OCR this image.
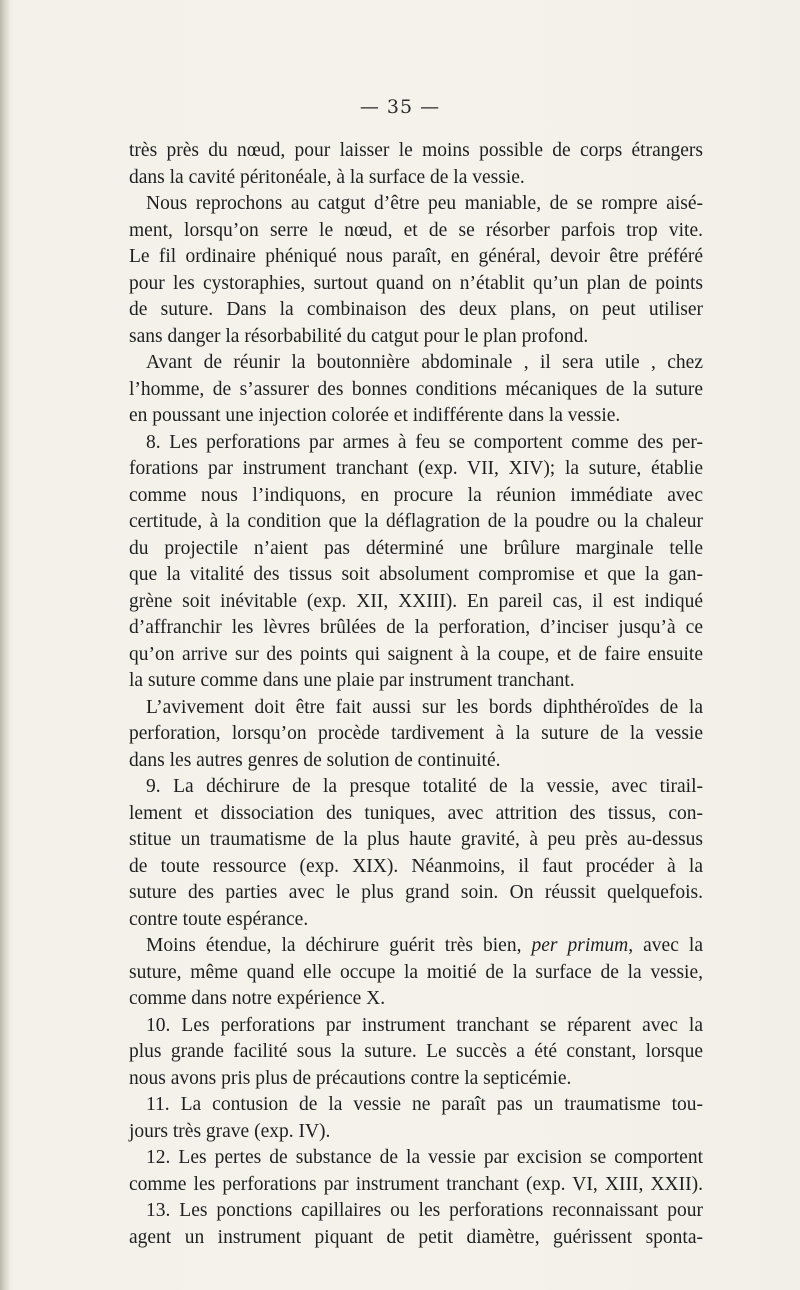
— 35 —
très près du nœud, pour laisser le moins possible de corps étrangers
dans la cavité péritonéale, à la surface de la vessie.
Nous reprochons au catgut d’être peu maniable, de se rompre aisé-
ment, lorsqu’on serre le nœud, et de se résorber parfois trop vite.
Le fil ordinaire phéniqué nous paraît, en général, devoir être préféré
pour les cystoraphies, surtout quand on n’établit qu’un plan de points
de suture. Dans la combinaison des deux plans, on peut utiliser
sans danger la résorbabilité du catgut pour le plan profond.
Avant de réunir la boutonnière abdominale , il sera utile , chez
l’homme, de s’assurer des bonnes conditions mécaniques de la suture
en poussant une injection colorée et indifférente dans la vessie.
8. Les perforations par armes à feu se comportent comme des per-
forations par instrument tranchant (exp. VII, XIV); la suture, établie
comme nous l’indiquons, en procure la réunion immédiate avec
certitude, à la condition que la déflagration de la poudre ou la chaleur
du projectile n’aient pas déterminé une brûlure marginale telle
que la vitalité des tissus soit absolument compromise et que la gan-
grène soit inévitable (exp. XII, XXIII). En pareil cas, il est indiqué
d’affranchir les lèvres brûlées de la perforation, d’inciser jusqu’à ce
qu’on arrive sur des points qui saignent à la coupe, et de faire ensuite
la suture comme dans une plaie par instrument tranchant.
L’avivement doit être fait aussi sur les bords diphthéroïdes de la
perforation, lorsqu’on procède tardivement à la suture de la vessie
dans les autres genres de solution de continuité.
9. La déchirure de la presque totalité de la vessie, avec tirail-
lement et dissociation des tuniques, avec attrition des tissus, con-
stitue un traumatisme de la plus haute gravité, à peu près au-dessus
de toute ressource (exp. XIX). Néanmoins, il faut procéder à la
suture des parties avec le plus grand soin. On réussit quelquefois.
contre toute espérance.
Moins étendue, la déchirure guérit très bien, per primum, avec la
suture, même quand elle occupe la moitié de la surface de la vessie,
comme dans notre expérience X.
10. Les perforations par instrument tranchant se réparent avec la
plus grande facilité sous la suture. Le succès a été constant, lorsque
nous avons pris plus de précautions contre la septicémie.
11. La contusion de la vessie ne paraît pas un traumatisme tou-
jours très grave (exp. IV).
12. Les pertes de substance de la vessie par excision se comportent
comme les perforations par instrument tranchant (exp. VI, XIII, XXII).
13. Les ponctions capillaires ou les perforations reconnaissant pour
agent un instrument piquant de petit diamètre, guérissent sponta-
